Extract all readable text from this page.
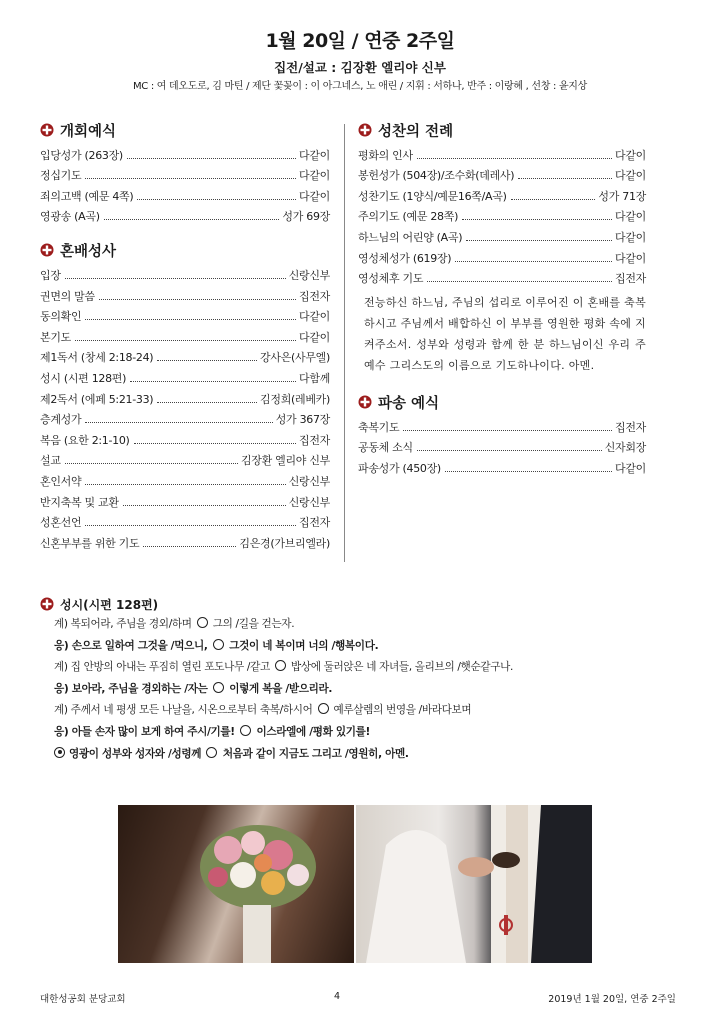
1월 20일 / 연중 2주일
집전/설교 : 김장환 엘리야 신부
MC : 여 데오도로, 김 마틴 / 제단 꽃꽂이 : 이 아그네스, 노 애린 / 지휘 : 서하나, 반주 : 이랑혜 , 선창 : 윤지상
개회예식
입당성가 (263장)	다같이
정십기도	다같이
죄의고백 (예문 4쪽)	다같이
영광송 (A곡)	성가 69장
혼배성사
입장	신랑신부
권면의 말씀	집전자
동의확인	다같이
본기도	다같이
제1독서 (창세 2:18-24)	강사은(사무엘)
성시 (시편 128편)	다함께
제2독서 (에페 5:21-33)	김정희(레베카)
층계성가	성가 367장
복음 (요한 2:1-10)	집전자
설교	김장환 엘리야 신부
혼인서약	신랑신부
반지축복 및 교환	신랑신부
성혼선언	집전자
신혼부부를 위한 기도	김은경(가브리엘라)
성찬의 전례
평화의 인사	다같이
봉헌성가 (504장)/조수화(데레사)	다같이
성찬기도 (1양식/예문16쪽/A곡)	성가 71장
주의기도 (예문 28쪽)	다같이
하느님의 어린양 (A곡)	다같이
영성체성가 (619장)	다같이
영성체후 기도	집전자
전능하신 하느님, 주님의 섭리로 이루어진 이 혼배를 축복하시고 주님께서 배합하신 이 부부를 영원한 평화 속에 지켜주소서. 성부와 성령과 함께 한 분 하느님이신 우리 주 예수 그리스도의 이름으로 기도하나이다. 아멘.
파송 예식
축복기도	집전자
공동체 소식	신자회장
파송성가 (450장)	다같이
성시(시편 128편)
계) 복되어라, 주님을 경외/하며 그의 /길을 걷는자.
응) 손으로 일하여 그것을 /먹으니, 그것이 네 복이며 너의 /행복이다.
계) 집 안방의 아내는 푸짐히 열린 포도나무 /같고 밥상에 둘러앉은 네 자녀들, 올리브의 /햇순같구나.
응) 보아라, 주님을 경외하는 /자는 이렇게 복을 /받으리라.
계) 주께서 네 평생 모든 나날을, 시온으로부터 축복/하시어 예루살렘의 번영을 /바라다보며
응) 아들 손자 많이 보게 하여 주시/기를! 이스라엘에 /평화 있기를!
영광이 성부와 성자와 /성령께 처음과 같이 지금도 그리고 /영원히, 아멘.
대한성공회 분당교회	4	2019년 1월 20일, 연중 2주일
